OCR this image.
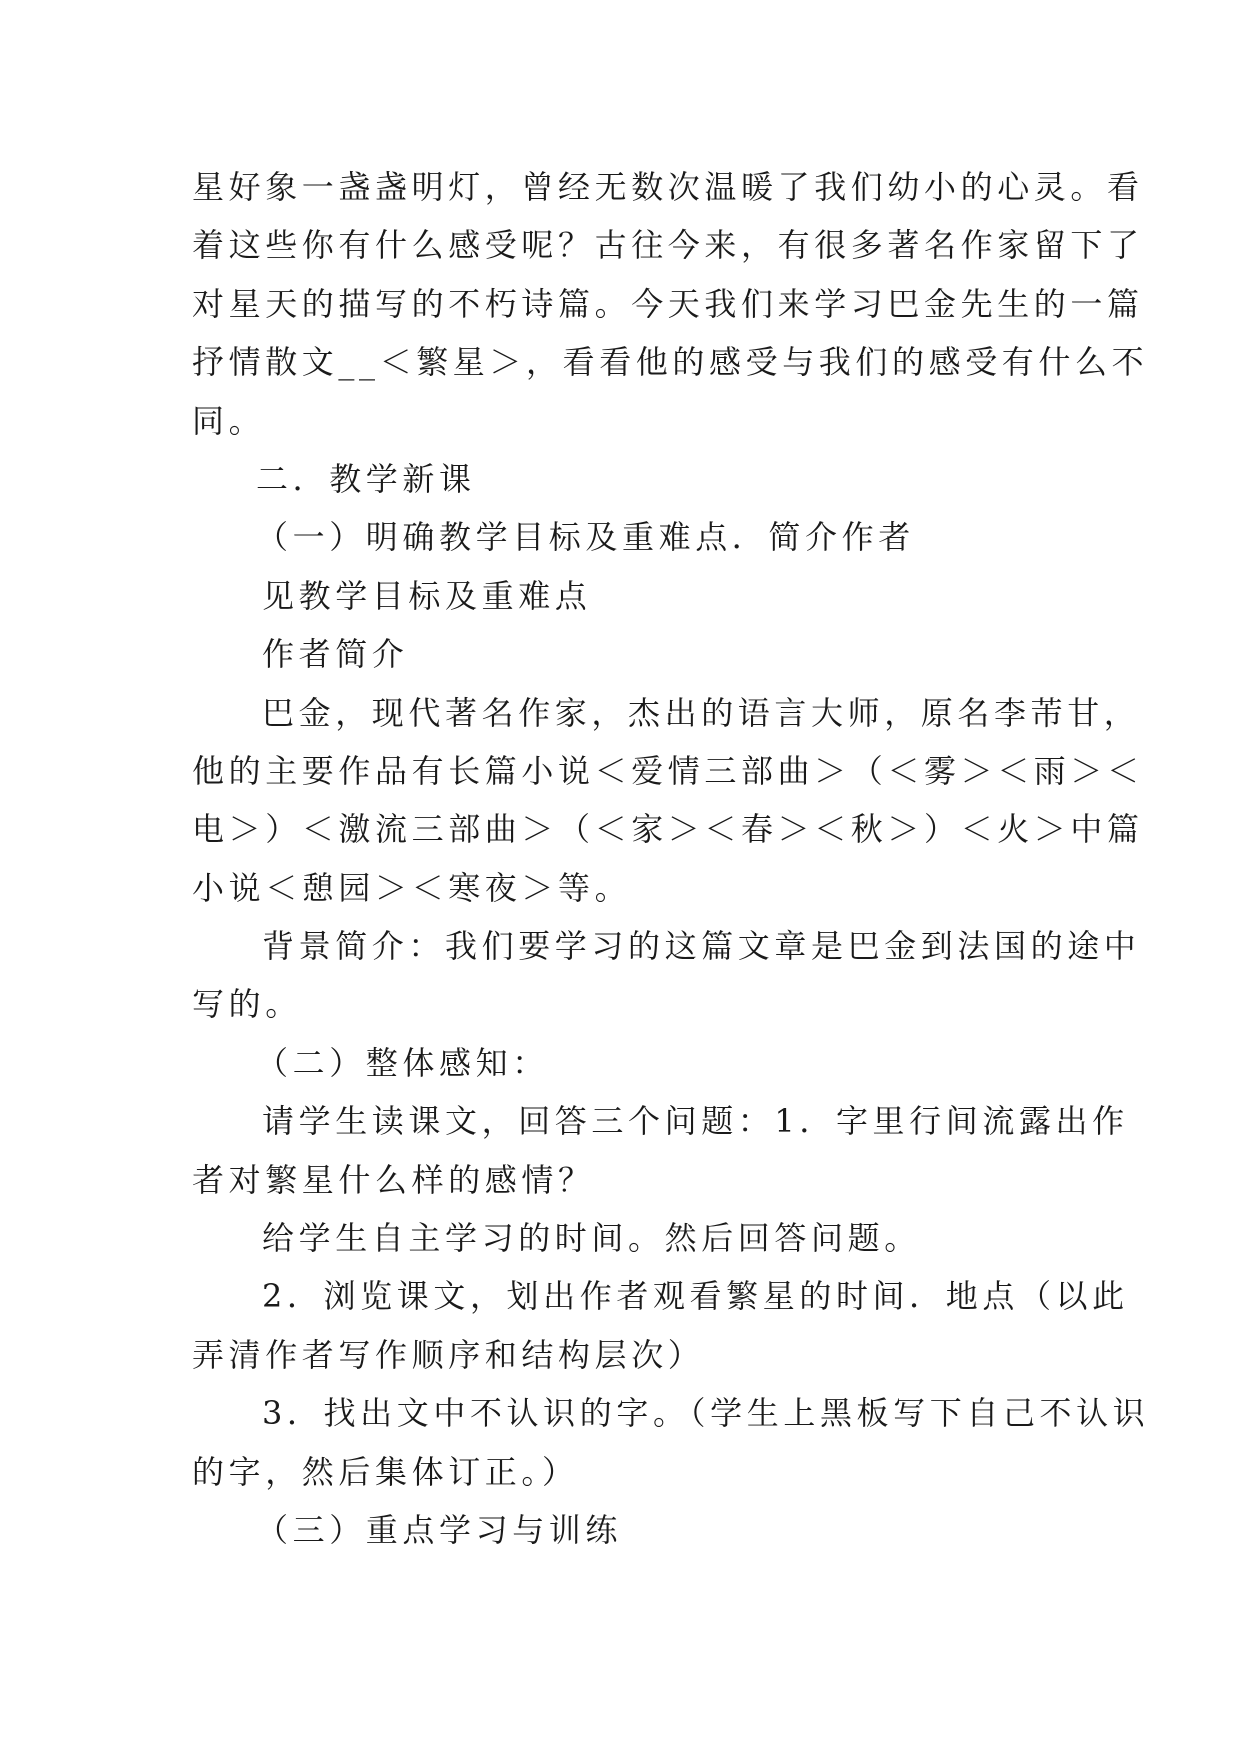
星好象一盏盏明灯，曾经无数次温暖了我们幼小的心灵。看
着这些你有什么感受呢？古往今来，有很多著名作家留下了
对星天的描写的不朽诗篇。今天我们来学习巴金先生的一篇
抒情散文__＜繁星＞，看看他的感受与我们的感受有什么不
同。
二．教学新课
（一）明确教学目标及重难点．简介作者
见教学目标及重难点
作者简介
巴金，现代著名作家，杰出的语言大师，原名李芾甘，
他的主要作品有长篇小说＜爱情三部曲＞（＜雾＞＜雨＞＜
电＞）＜激流三部曲＞（＜家＞＜春＞＜秋＞）＜火＞中篇
小说＜憩园＞＜寒夜＞等。
背景简介：我们要学习的这篇文章是巴金到法国的途中
写的。
（二）整体感知：
请学生读课文，回答三个问题：1．字里行间流露出作
者对繁星什么样的感情？
给学生自主学习的时间。然后回答问题。
2．浏览课文，划出作者观看繁星的时间．地点（以此
弄清作者写作顺序和结构层次）
3．找出文中不认识的字。（学生上黑板写下自己不认识
的字，然后集体订正。）
（三）重点学习与训练
